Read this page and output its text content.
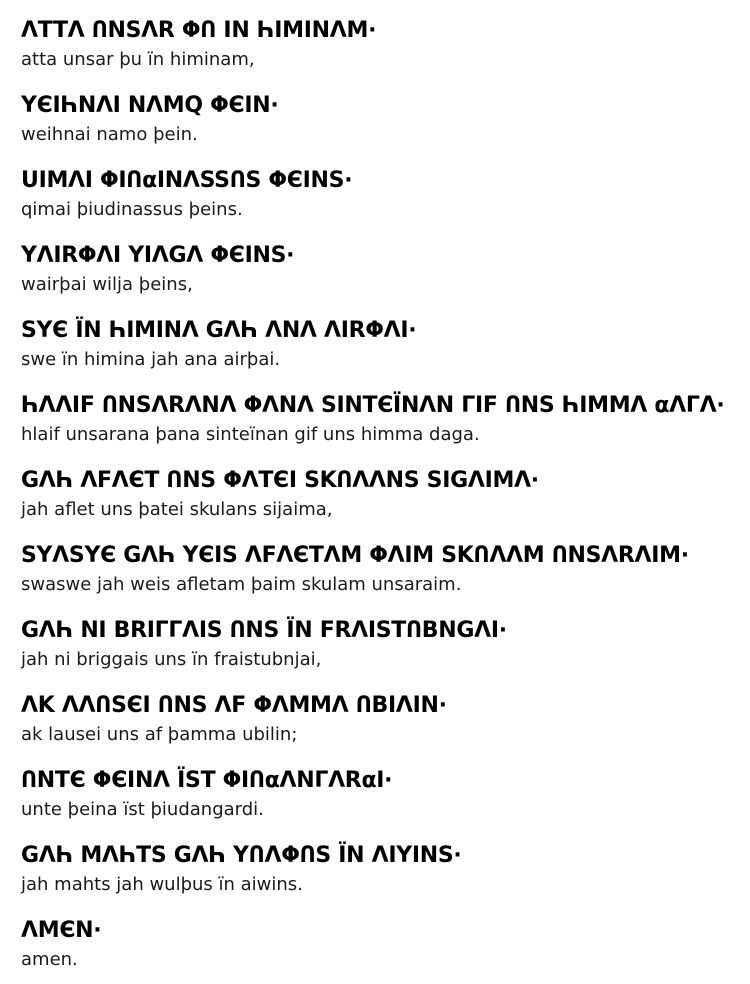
ΛTTΛ ՈNSΛR ΦՈ IN ҺIMINΛM·
atta unsar þu ïn himinam,
ΥЄIҺNΛI NΛMQ ΦЄIN·
weihnai namo þein.
UIMΛI ΦIՈαINΛSSՈS ΦЄINS·
qimai þiudinassus þeins.
ΥΛIRΦΛI ΥIΛGΛ ΦЄINS·
wairþai wilja þeins,
SΥЄ ÏN ҺIMINΛ GΛҺ ΛNΛ ΛIRΦΛI·
swe ïn himina jah ana airþai.
ҺΛΛIF ՈNSΛRΛNΛ ΦΛNΛ SINTЄÏNΛN ΓIF ՈNS ҺIMMΛ αΛΓΛ·
hlaif unsarana þana sinteïnan gif uns himma daga.
GΛҺ ΛFΛЄT ՈNS ΦΛTЄI SKՈΛΛNS SIGΛIMΛ·
jah aflet uns þatei skulans sijaima,
SΥΛSΥЄ GΛҺ ΥЄIS ΛFΛЄTΛM ΦΛIM SKՈΛΛM ՈNSΛRΛIM·
swaswe jah weis afletam þaim skulam unsaraim.
GΛҺ NI BRIΓΓΛIS ՈNS ÏN FRΛISTՈBNGΛI·
jah ni briggais uns ïn fraistubnjai,
ΛK ΛΛՈSЄI ՈNS ΛF ΦΛMMΛ ՈBIΛIN·
ak lausei uns af þamma ubilin;
ՈNTЄ ΦЄINΛ ÏST ΦIՈαΛNΓΛRαI·
unte þeina ïst þiudangardi.
GΛҺ MΛҺTS GΛҺ ΥՈΛΦՈS ÏN ΛIΥINS·
jah mahts jah wulþus ïn aiwins.
ΛMЄN·
amen.
